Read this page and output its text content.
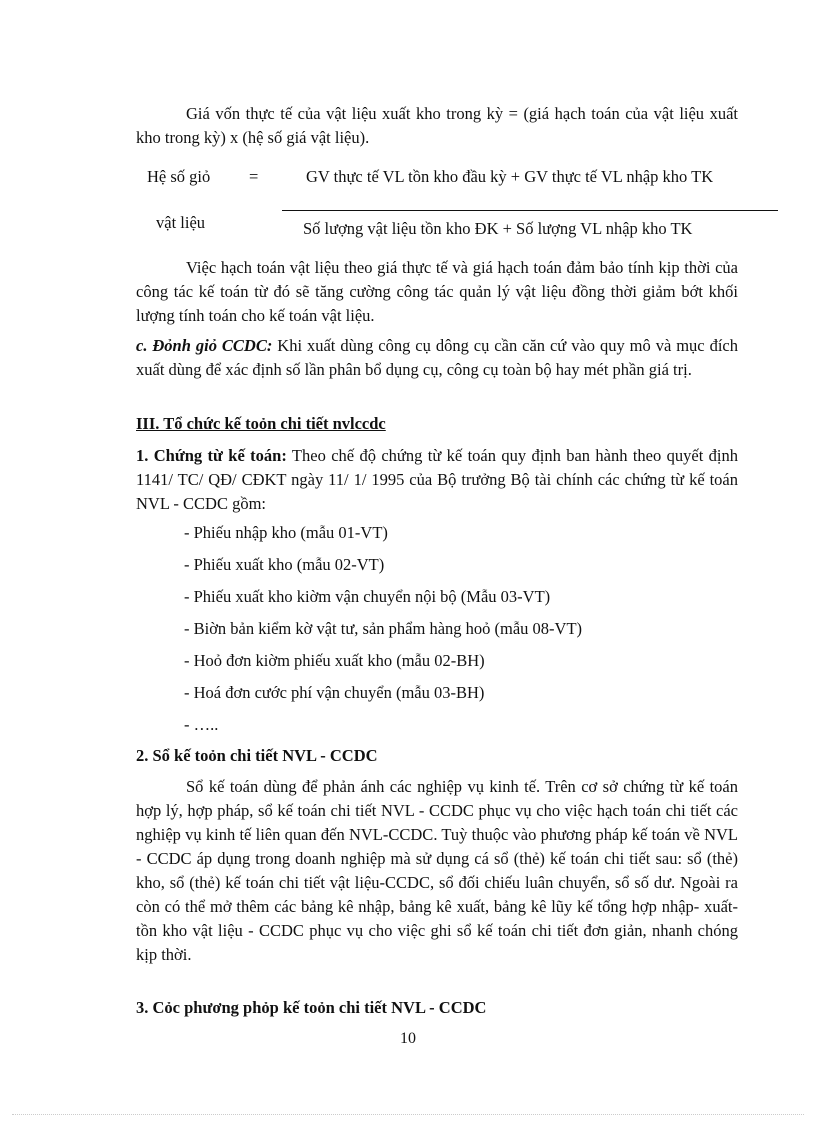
Giá vốn thực tế của vật liệu xuất kho trong kỳ = (giá hạch toán của vật liệu xuất kho trong kỳ) x (hệ số giá vật liệu).

Hệ số giỏ =	GV thực tế VL tồn kho đầu kỳ + GV thực tế VL nhập kho TK
vật liệu	Số lượng vật liệu tồn kho ĐK + Số lượng VL nhập kho TK

Việc hạch toán vật liệu theo giá thực tế và giá hạch toán đảm bảo tính kịp thời của công tác kế toán từ đó sẽ tăng cường công tác quản lý vật liệu đồng thời giảm bớt khối lượng tính toán cho kế toán vật liệu.

c. Đỏnh giỏ CCDC: Khi xuất dùng công cụ dông cụ cần căn cứ vào quy mô và mục đích xuất dùng để xác định số lần phân bổ dụng cụ, công cụ toàn bộ hay mét phần giá trị.

III. Tổ chức kế toỏn chi tiết nvlccdc

1. Chứng từ kế toán: Theo chế độ chứng từ kế toán quy định ban hành theo quyết định 1141/ TC/ QĐ/ CĐKT ngày 11/ 1/ 1995 của Bộ trưởng Bộ tài chính các chứng từ kế toán NVL - CCDC gồm:

- Phiếu nhập kho (mẫu 01-VT)

- Phiếu xuất kho (mẫu 02-VT)

- Phiếu xuất kho kiờm vận chuyển nội bộ (Mẫu 03-VT)

- Biờn bản kiểm kờ vật tư, sản phẩm hàng hoỏ (mẫu 08-VT)

- Hoỏ đơn kiờm phiếu xuất kho (mẫu 02-BH)

- Hoá đơn cước phí vận chuyển (mẫu 03-BH)

- …..

2. Sổ kế toỏn chi tiết NVL - CCDC

Sổ kế toán dùng để phản ánh các nghiệp vụ kinh tế. Trên cơ sở chứng từ kế toán hợp lý, hợp pháp, sổ kế toán chi tiết NVL - CCDC phục vụ cho việc hạch toán chi tiết các nghiệp vụ kinh tế liên quan đến NVL-CCDC. Tuỳ thuộc vào phương pháp kế toán về NVL - CCDC áp dụng trong doanh nghiệp mà sử dụng cá sổ (thẻ) kế toán chi tiết sau: sổ (thẻ) kho, sổ (thẻ) kế toán chi tiết vật liệu-CCDC, sổ đối chiếu luân chuyển, sổ số dư. Ngoài ra còn có thể mở thêm các bảng kê nhập, bảng kê xuất, bảng kê lũy kế tổng hợp nhập- xuất-tồn kho vật liệu - CCDC phục vụ cho việc ghi sổ kế toán chi tiết đơn giản, nhanh chóng kịp thời.

3. Cỏc phương phỏp kế toỏn chi tiết NVL - CCDC

10
